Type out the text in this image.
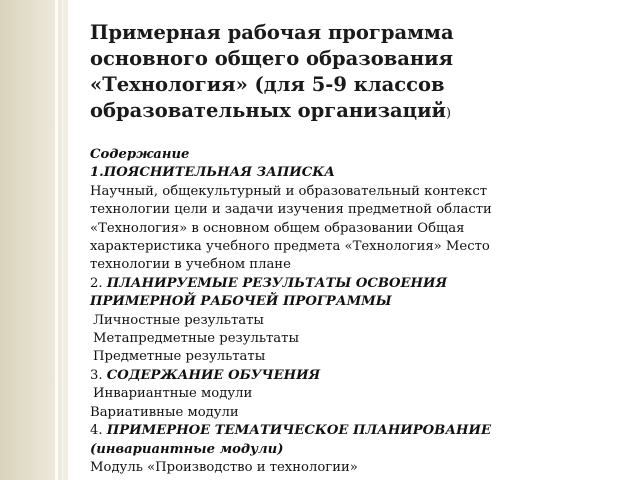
Примерная рабочая программа
основного общего образования
«Технология» (для 5-9 классов
образовательных организаций)
Содержание
1.ПОЯСНИТЕЛЬНАЯ ЗАПИСКА
Научный, общекультурный и образовательный контекст
технологии цели и задачи изучения предметной области
«Технология» в основном общем образовании Общая
характеристика учебного предмета «Технология» Место
технологии в учебном плане
2. ПЛАНИРУЕМЫЕ РЕЗУЛЬТАТЫ ОСВОЕНИЯ
ПРИМЕРНОЙ РАБОЧЕЙ ПРОГРАММЫ
Личностные результаты
Метапредметные результаты
Предметные результаты
3. СОДЕРЖАНИЕ ОБУЧЕНИЯ
Инвариантные модули
Вариативные модули
4. ПРИМЕРНОЕ ТЕМАТИЧЕСКОЕ ПЛАНИРОВАНИЕ
(инвариантные модули)
Модуль «Производство и технологии»
